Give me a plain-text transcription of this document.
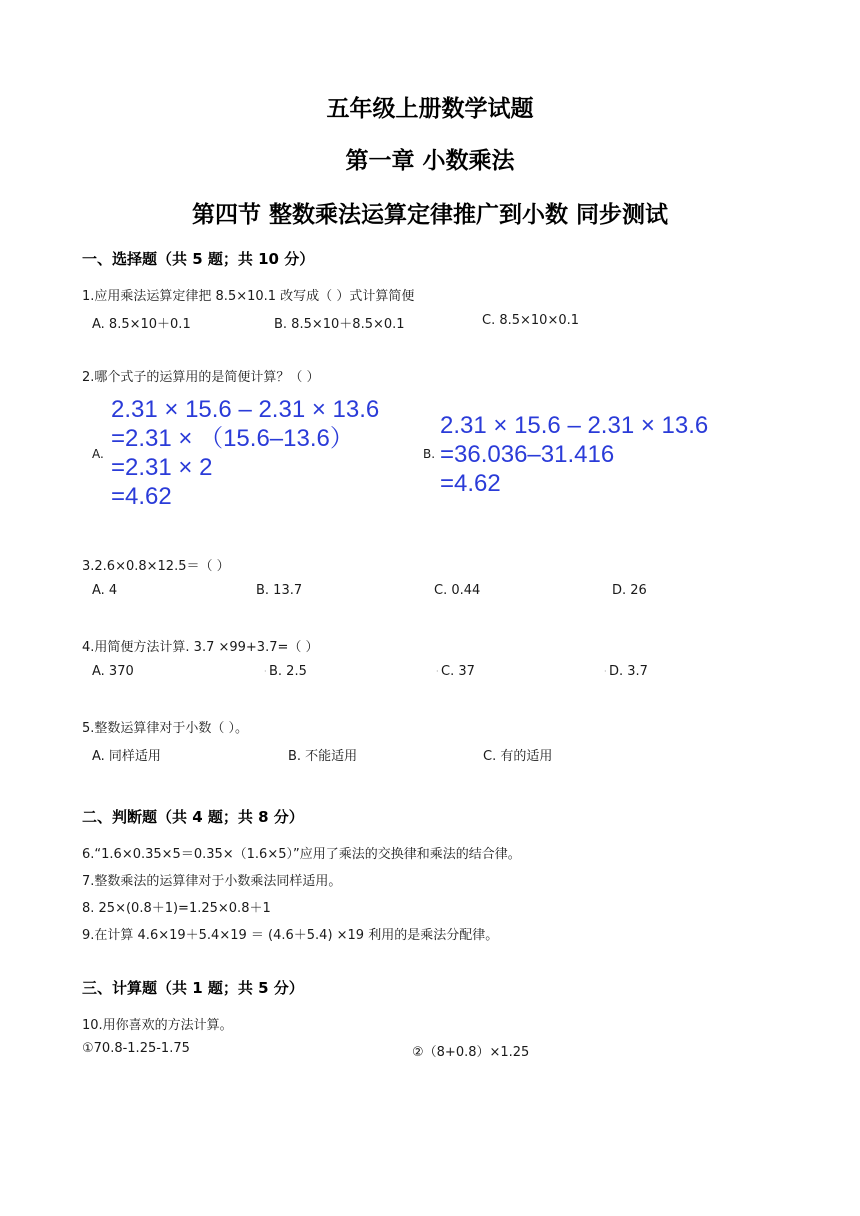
五年级上册数学试题
第一章 小数乘法
第四节 整数乘法运算定律推广到小数 同步测试
一、选择题（共 5 题；共 10 分）
1.应用乘法运算定律把 8.5×10.1 改写成（ ）式计算简便
A. 8.5×10＋0.1	B. 8.5×10＋8.5×0.1	C. 8.5×10×0.1
2.哪个式子的运算用的是简便计算？（ ）
A.
2.31 × 15.6 – 2.31 × 13.6
=2.31 × （15.6–13.6）
=2.31 × 2
=4.62
B.
2.31 × 15.6 – 2.31 × 13.6
=36.036–31.416
=4.62
3.2.6×0.8×12.5＝（ ）
A. 4	B. 13.7	C. 0.44	D. 26
4.用简便方法计算. 3.7 ×99+3.7=（ ）
A. 370	· B. 2.5	· C. 37	· D. 3.7
5.整数运算律对于小数（ ）。
A. 同样适用	B. 不能适用	C. 有的适用
二、判断题（共 4 题；共 8 分）
6.“1.6×0.35×5＝0.35×（1.6×5）”应用了乘法的交换律和乘法的结合律。
7.整数乘法的运算律对于小数乘法同样适用。
8. 25×(0.8＋1)=1.25×0.8＋1
9.在计算 4.6×19＋5.4×19 ＝ (4.6＋5.4) ×19 利用的是乘法分配律。
三、计算题（共 1 题；共 5 分）
10.用你喜欢的方法计算。
①70.8-1.25-1.75	②（8+0.8）×1.25
